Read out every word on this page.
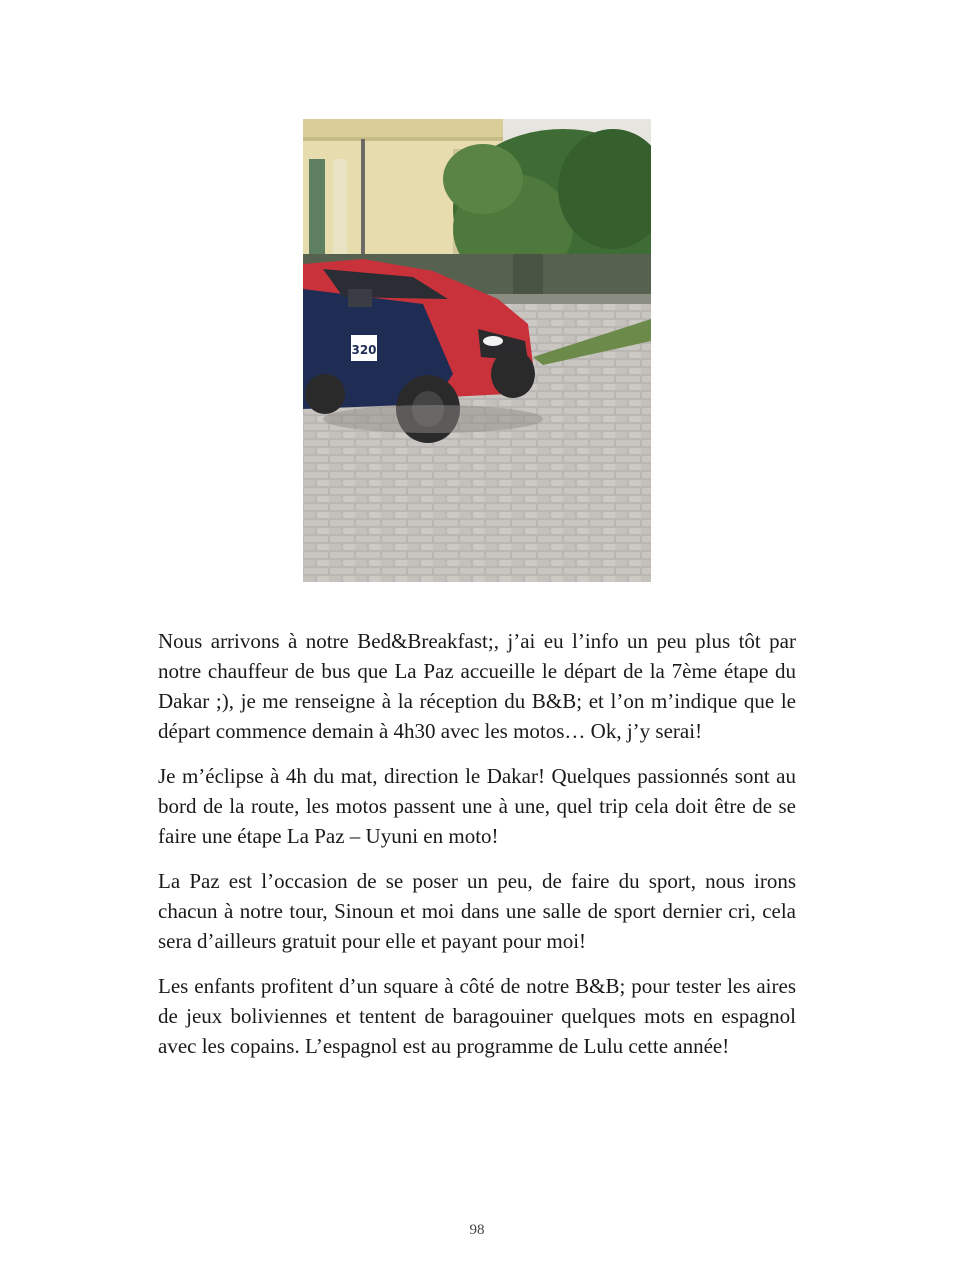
320

Nous arrivons à notre Bed&Breakfast;, j’ai eu l’info un peu plus tôt par notre chauffeur de bus que La Paz accueille le départ de la 7ème étape du Dakar ;), je me renseigne à la réception du B&B; et l’on m’indique que le départ commence demain à 4h30 avec les motos… Ok, j’y serai!

Je m’éclipse à 4h du mat, direction le Dakar! Quelques passionnés sont au bord de la route, les motos passent une à une, quel trip cela doit être de se faire une étape La Paz – Uyuni en moto!

La Paz est l’occasion de se poser un peu, de faire du sport, nous irons chacun à notre tour, Sinoun et moi dans une salle de sport dernier cri, cela sera d’ailleurs gratuit pour elle et payant pour moi!

Les enfants profitent d’un square à côté de notre B&B; pour tester les aires de jeux boliviennes et tentent de baragouiner quelques mots en espagnol avec les copains. L’espagnol est au programme de Lulu cette année!

98
